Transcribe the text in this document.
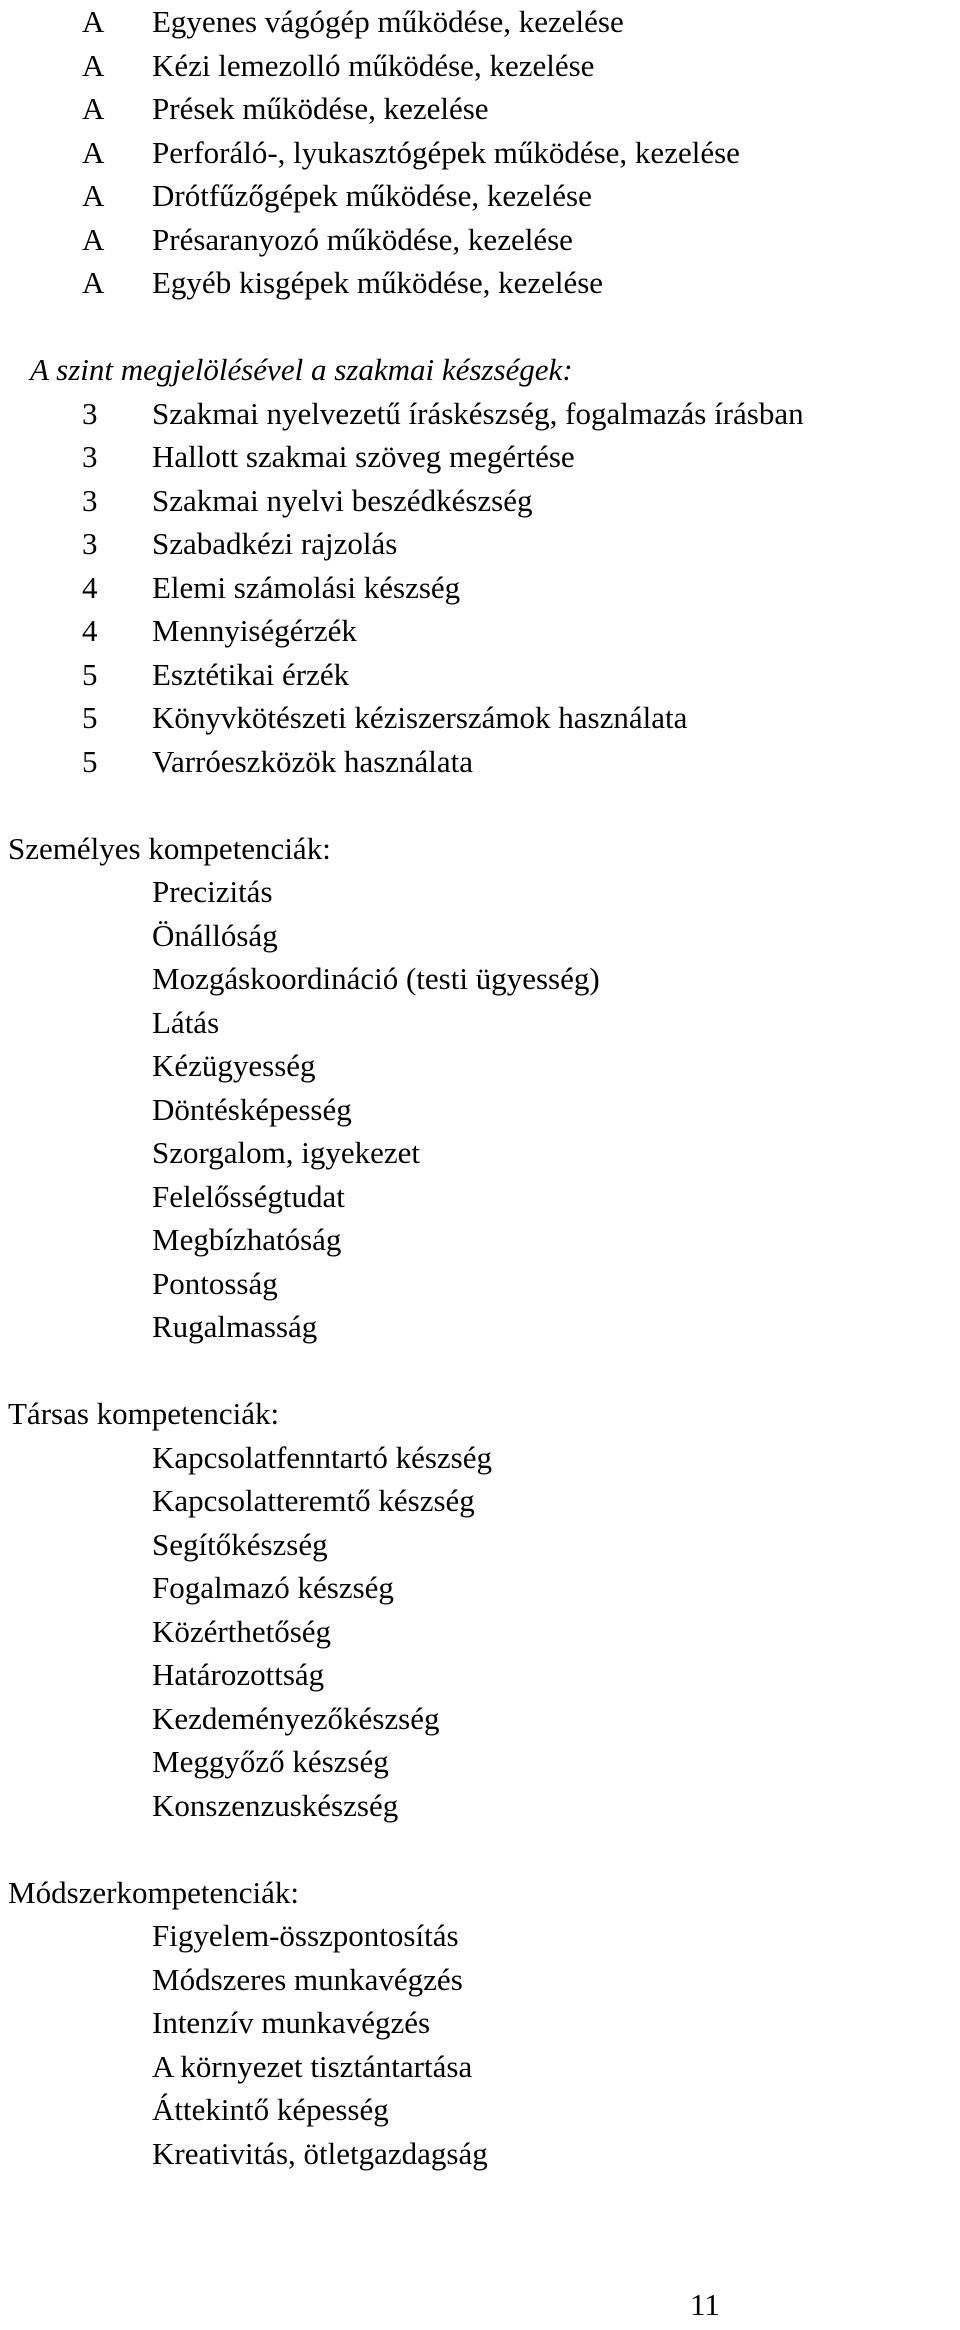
A Egyenes vágógép működése, kezelése
A Kézi lemezolló működése, kezelése
A Prések működése, kezelése
A Perforáló-, lyukasztógépek működése, kezelése
A Drótfűzőgépek működése, kezelése
A Présaranyozó működése, kezelése
A Egyéb kisgépek működése, kezelése
A szint megjelölésével a szakmai készségek:
3	Szakmai nyelvezetű íráskészség, fogalmazás írásban
3	Hallott szakmai szöveg megértése
3	Szakmai nyelvi beszédkészség
3	Szabadkézi rajzolás
4	Elemi számolási készség
4	Mennyiségérzék
5	Esztétikai érzék
5	Könyvkötészeti kéziszerszámok használata
5	Varróeszközök használata
Személyes kompetenciák:
Precizitás
Önállóság
Mozgáskoordináció (testi ügyesség)
Látás
Kézügyesség
Döntésképesség
Szorgalom, igyekezet
Felelősségtudat
Megbízhatóság
Pontosság
Rugalmasság
Társas kompetenciák:
Kapcsolatfenntartó készség
Kapcsolatteremtő készség
Segítőkészség
Fogalmazó készség
Közérthetőség
Határozottság
Kezdeményezőkészség
Meggyőző készség
Konszenzuskészség
Módszerkompetenciák:
Figyelem-összpontosítás
Módszeres munkavégzés
Intenzív munkavégzés
A környezet tisztántartása
Áttekintő képesség
Kreativitás, ötletgazdagság
11
